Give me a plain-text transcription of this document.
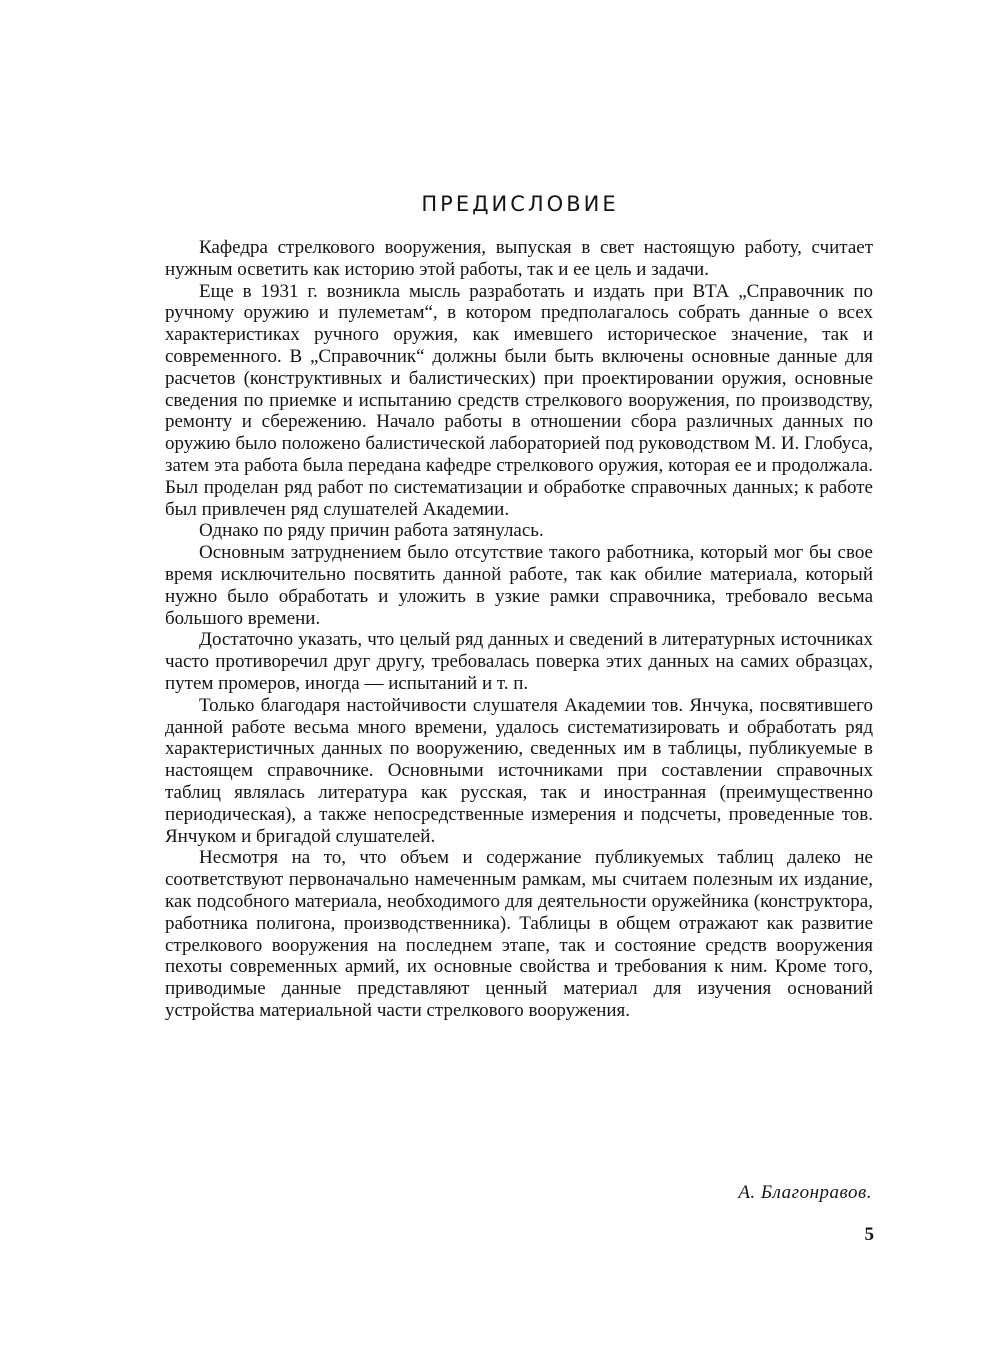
ПРЕДИСЛОВИЕ

Кафедра стрелкового вооружения, выпуская в свет настоящую работу, считает нужным осветить как историю этой работы, так и ее цель и задачи.

Еще в 1931 г. возникла мысль разработать и издать при ВТА „Справочник по ручному оружию и пулеметам“, в котором предполагалось собрать данные о всех характеристиках ручного оружия, как имевшего историческое значение, так и современного. В „Справочник“ должны были быть включены основные данные для расчетов (конструктивных и балистических) при проектировании оружия, основные сведения по приемке и испытанию средств стрелкового вооружения, по производству, ремонту и сбережению. Начало работы в отношении сбора различных данных по оружию было положено балистической лабораторией под руководством М. И. Глобуса, затем эта работа была передана кафедре стрелкового оружия, которая ее и продолжала. Был проделан ряд работ по систематизации и обработке справочных данных; к работе был привлечен ряд слушателей Академии.

Однако по ряду причин работа затянулась.

Основным затруднением было отсутствие такого работника, который мог бы свое время исключительно посвятить данной работе, так как обилие материала, который нужно было обработать и уложить в узкие рамки справочника, требовало весьма большого времени.

Достаточно указать, что целый ряд данных и сведений в литературных источниках часто противоречил друг другу, требовалась поверка этих данных на самих образцах, путем промеров, иногда — испытаний и т. п.

Только благодаря настойчивости слушателя Академии тов. Янчука, посвятившего данной работе весьма много времени, удалось систематизировать и обработать ряд характеристичных данных по вооружению, сведенных им в таблицы, публикуемые в настоящем справочнике. Основными источниками при составлении справочных таблиц являлась литература как русская, так и иностранная (преимущественно периодическая), а также непосредственные измерения и подсчеты, проведенные тов. Янчуком и бригадой слушателей.

Несмотря на то, что объем и содержание публикуемых таблиц далеко не соответствуют первоначально намеченным рамкам, мы считаем полезным их издание, как подсобного материала, необходимого для деятельности оружейника (конструктора, работника полигона, производственника). Таблицы в общем отражают как развитие стрелкового вооружения на последнем этапе, так и состояние средств вооружения пехоты современных армий, их основные свойства и требования к ним. Кроме того, приводимые данные представляют ценный материал для изучения оснований устройства материальной части стрелкового вооружения.

А. Благонравов.
5
